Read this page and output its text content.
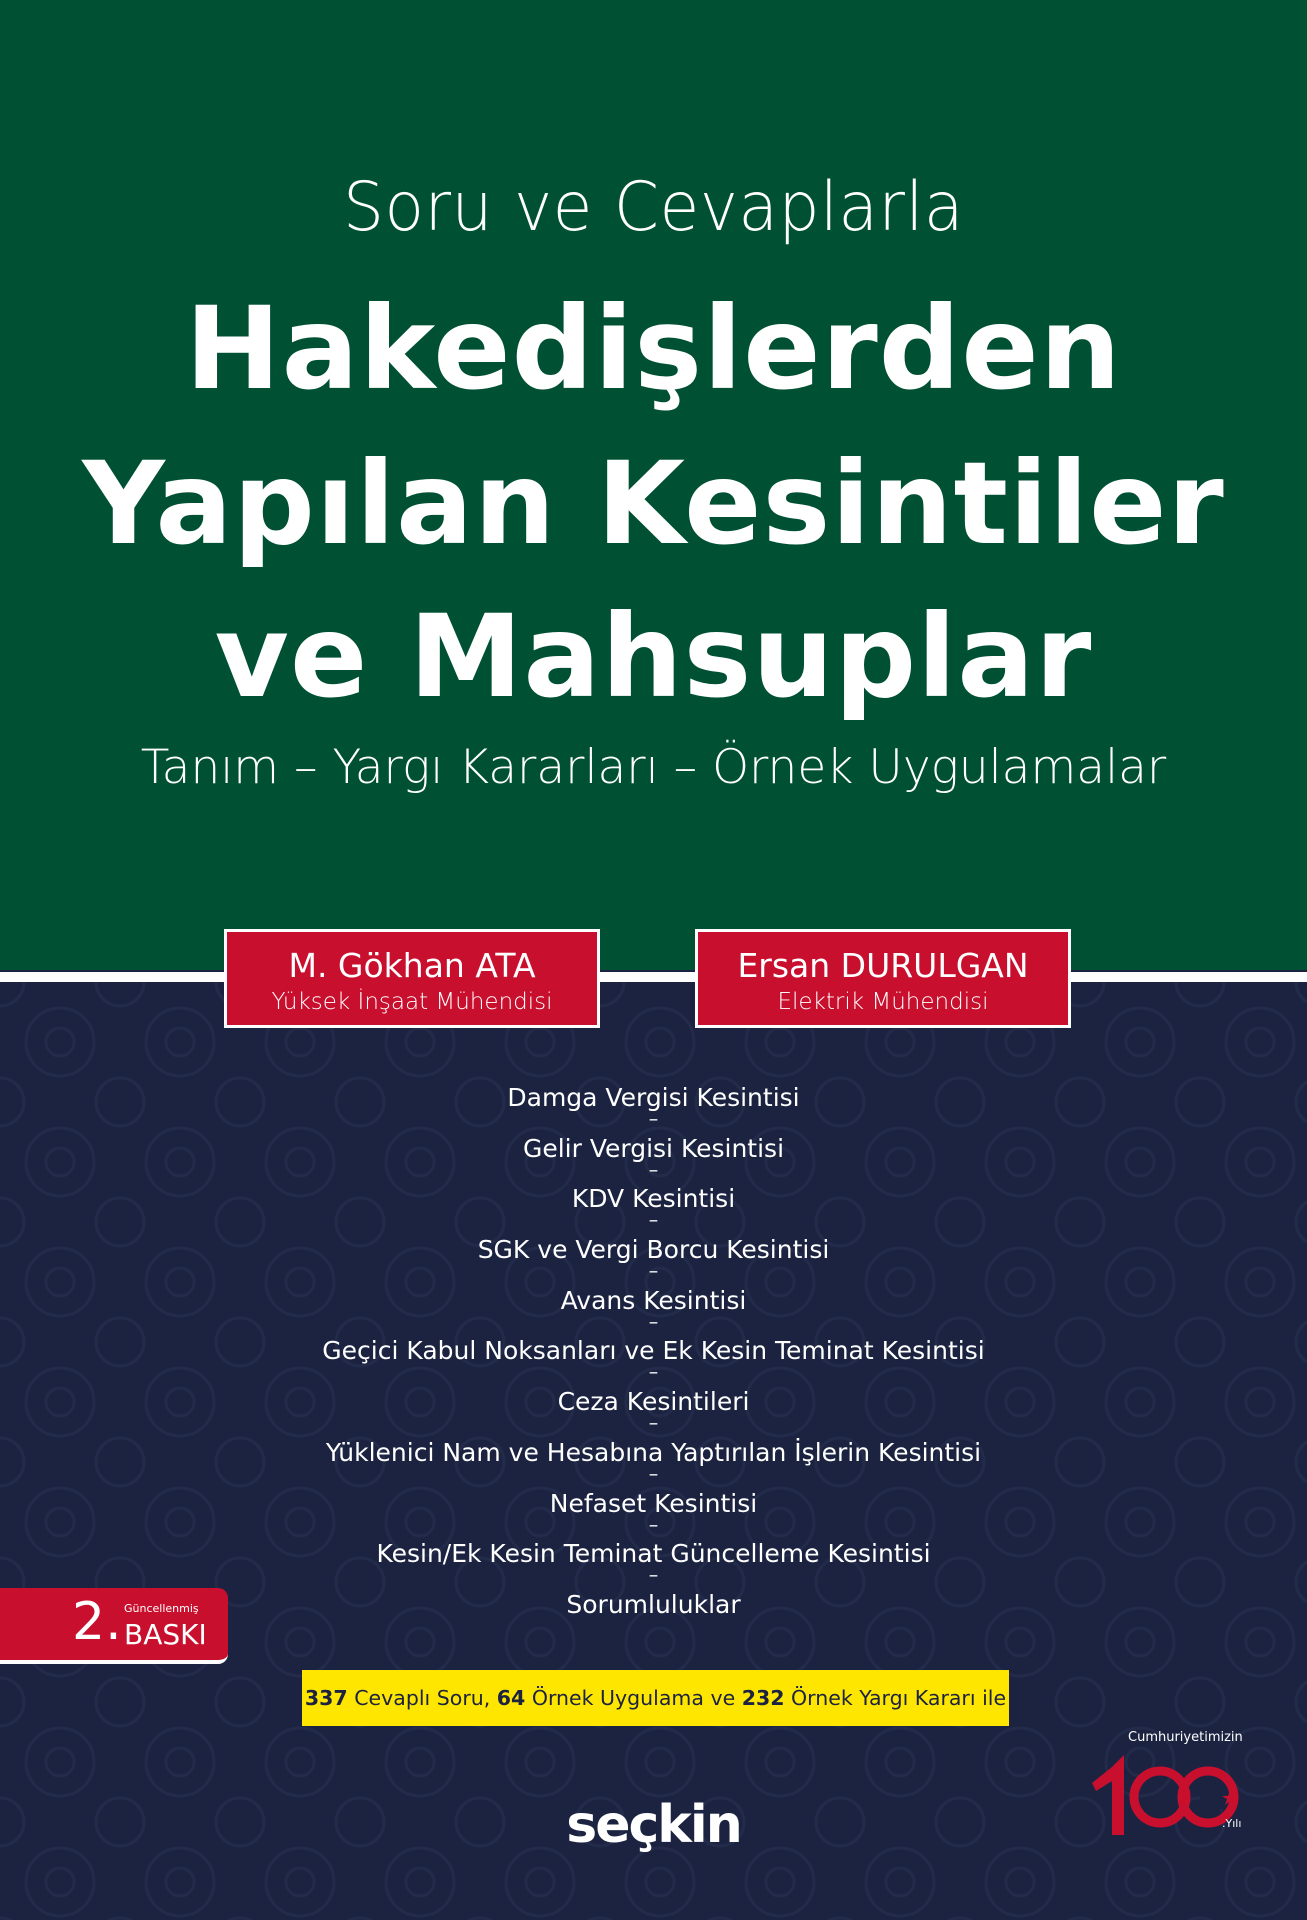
Soru ve Cevaplarla
Hakedişlerden
Yapılan Kesintiler
ve Mahsuplar
Tanım – Yargı Kararları – Örnek Uygulamalar
M. Gökhan ATA
Yüksek İnşaat Mühendisi
Ersan DURULGAN
Elektrik Mühendisi
Damga Vergisi Kesintisi
–
Gelir Vergisi Kesintisi
–
KDV Kesintisi
–
SGK ve Vergi Borcu Kesintisi
–
Avans Kesintisi
–
Geçici Kabul Noksanları ve Ek Kesin Teminat Kesintisi
–
Ceza Kesintileri
–
Yüklenici Nam ve Hesabına Yaptırılan İşlerin Kesintisi
–
Nefaset Kesintisi
–
Kesin/Ek Kesin Teminat Güncelleme Kesintisi
–
Sorumluluklar
2. Güncellenmiş
BASKI
337 Cevaplı Soru, 64 Örnek Uygulama ve 232 Örnek Yargı Kararı ile
seçkin
Cumhuriyetimizin
.Yılı
